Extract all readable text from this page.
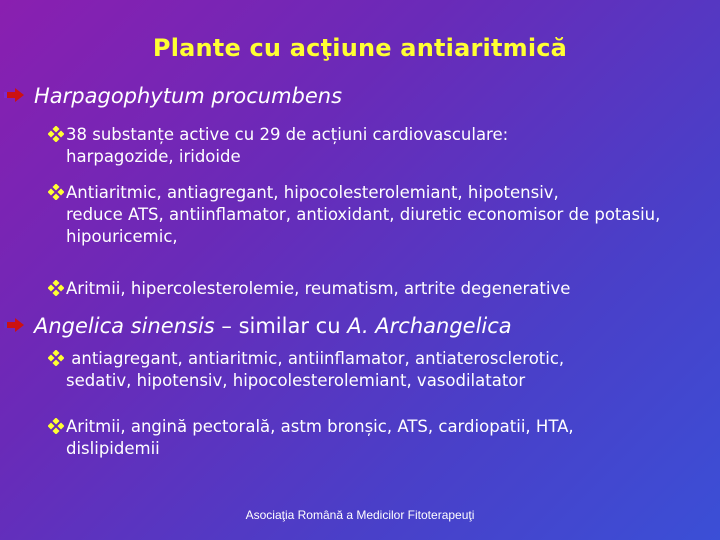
Plante cu acţiune antiaritmică
Harpagophytum procumbens
38 substanțe active cu 29 de acțiuni cardiovasculare:
harpagozide, iridoide
Antiaritmic, antiagregant, hipocolesterolemiant, hipotensiv,
reduce ATS, antiinflamator, antioxidant, diuretic economisor de potasiu, hipouricemic,
Aritmii, hipercolesterolemie, reumatism, artrite degenerative
Angelica sinensis – similar cu A. Archangelica
antiagregant, antiaritmic, antiinflamator, antiaterosclerotic,
sedativ, hipotensiv, hipocolesterolemiant, vasodilatator
Aritmii, angină pectorală, astm bronșic, ATS, cardiopatii, HTA,
dislipidemii
Asociaţia Română a Medicilor Fitoterapeuţi
